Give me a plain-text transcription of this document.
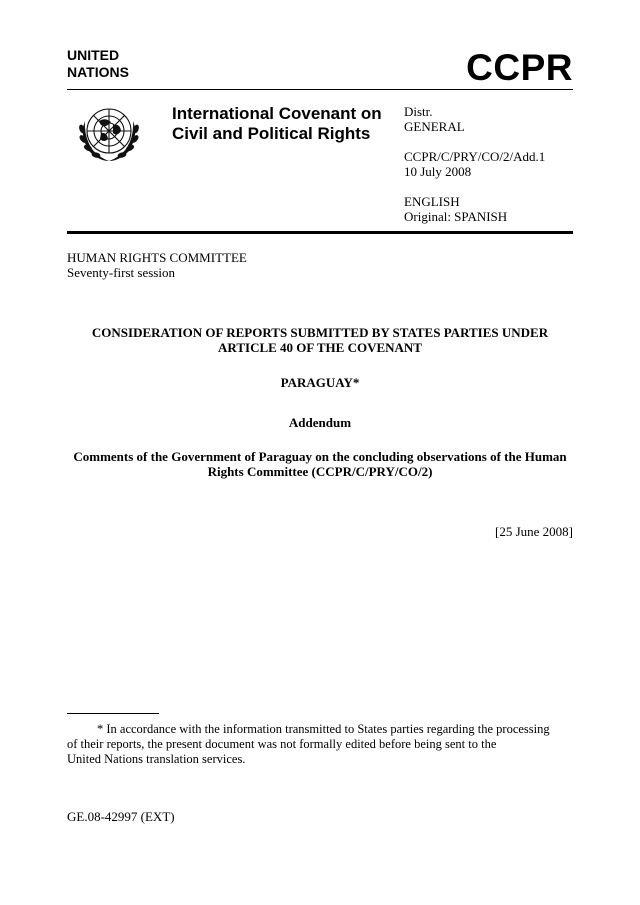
UNITED
NATIONS	CCPR
International Covenant on Civil and Political Rights
Distr.
GENERAL
CCPR/C/PRY/CO/2/Add.1
10 July 2008
ENGLISH
Original: SPANISH
HUMAN RIGHTS COMMITTEE
Seventy-first session
CONSIDERATION OF REPORTS SUBMITTED BY STATES PARTIES UNDER
ARTICLE 40 OF THE COVENANT
PARAGUAY*
Addendum
Comments of the Government of Paraguay on the concluding observations of the Human
Rights Committee (CCPR/C/PRY/CO/2)
[25 June 2008]
* In accordance with the information transmitted to States parties regarding the processing
of their reports, the present document was not formally edited before being sent to the
United Nations translation services.
GE.08-42997 (EXT)
